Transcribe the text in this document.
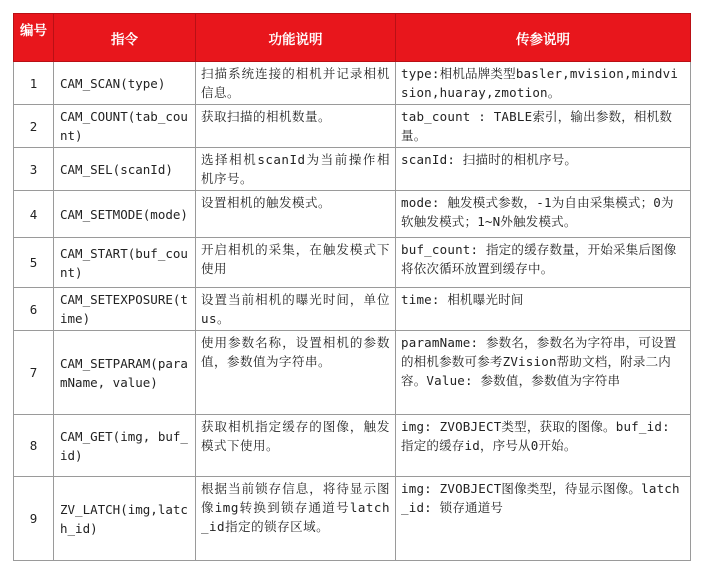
编号	指令	功能说明	传参说明
1	CAM_SCAN(type)	扫描系统连接的相机并记录相机信息。	type:相机品牌类型basler,mvision,mindvision,huaray,zmotion。
2	CAM_COUNT(tab_count)	获取扫描的相机数量。	tab_count : TABLE索引，输出参数，相机数量。
3	CAM_SEL(scanId)	选择相机scanId为当前操作相机序号。	scanId: 扫描时的相机序号。
4	CAM_SETMODE(mode)	设置相机的触发模式。	mode: 触发模式参数，-1为自由采集模式；0为软触发模式；1~N外触发模式。
5	CAM_START(buf_count)	开启相机的采集，在触发模式下使用	buf_count: 指定的缓存数量，开始采集后图像将依次循环放置到缓存中。
6	CAM_SETEXPOSURE(time)	设置当前相机的曝光时间，单位us。	time: 相机曝光时间
7	CAM_SETPARAM(paramName, value)	使用参数名称，设置相机的参数值，参数值为字符串。	paramName: 参数名，参数名为字符串，可设置的相机参数可参考ZVision帮助文档，附录二内容。Value: 参数值，参数值为字符串
8	CAM_GET(img, buf_id)	获取相机指定缓存的图像，触发模式下使用。	img: ZVOBJECT类型，获取的图像。buf_id: 指定的缓存id，序号从0开始。
9	ZV_LATCH(img,latch_id)	根据当前锁存信息，将待显示图像img转换到锁存通道号latch_id指定的锁存区域。	img: ZVOBJECT图像类型，待显示图像。latch_id: 锁存通道号
